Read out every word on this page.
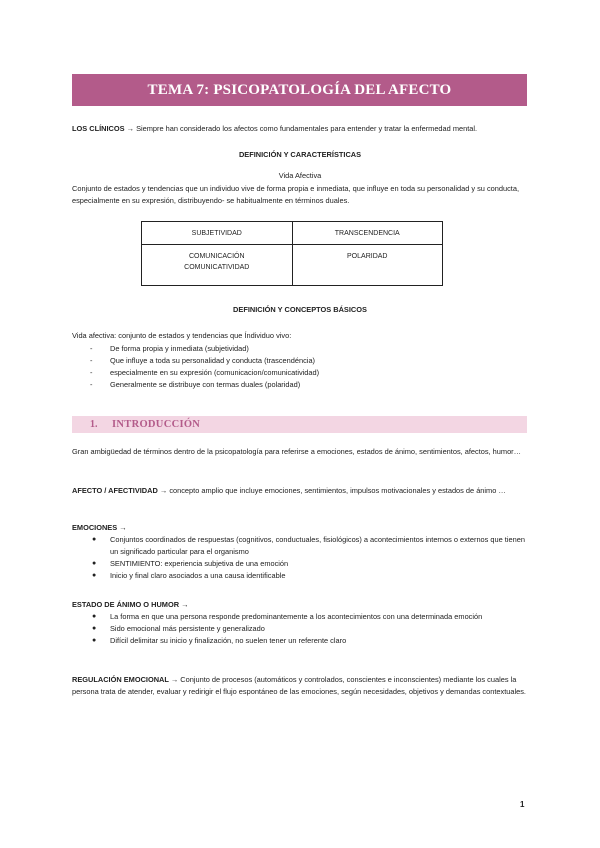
TEMA 7: PSICOPATOLOGÍA DEL AFECTO
LOS CLÍNICOS → Siempre han considerado los afectos como fundamentales para entender y tratar la enfermedad mental.
DEFINICIÓN Y CARACTERÍSTICAS
Vida Afectiva
Conjunto de estados y tendencias que un individuo vive de forma propia e inmediata, que influye en toda su personalidad y su conducta, especialmente en su expresión, distribuyendo- se habitualmente en términos duales.
SUBJETIVIDAD	TRANSCENDENCIA
COMUNICACIÓN
COMUNICATIVIDAD	POLARIDAD
DEFINICIÓN Y CONCEPTOS BÁSICOS
Vida afectiva: conjunto de estados y tendencias que Índividuo vivo:
- De forma propia y inmediata (subjetividad)
- Que influye a toda su personalidad y conducta (trascendéncia)
- especialmente en su expresión (comunicacion/comunicatividad)
- Generalmente se distribuye con termas duales (polaridad)
1.	INTRODUCCIÓN
Gran ambigüedad de términos dentro de la psicopatología para referirse a emociones, estados de ánimo, sentimientos, afectos, humor…
AFECTO / AFECTIVIDAD → concepto amplio que incluye emociones, sentimientos, impulsos motivacionales y estados de ánimo …
EMOCIONES →
● Conjuntos coordinados de respuestas (cognitivos, conductuales, fisiológicos) a acontecimientos internos o externos que tienen un significado particular para el organismo
● SENTIMIENTO: experiencia subjetiva de una emoción
● Inicio y final claro asociados a una causa identificable
ESTADO DE ÁNIMO O HUMOR →
● La forma en que una persona responde predominantemente a los acontecimientos con una determinada emoción
● Sido emocional más persistente y generalizado
● Difícil delimitar su inicio y finalización, no suelen tener un referente claro
REGULACIÓN EMOCIONAL → Conjunto de procesos (automáticos y controlados, conscientes e inconscientes) mediante los cuales la persona trata de atender, evaluar y redirigir el flujo espontáneo de las emociones, según necesidades, objetivos y demandas contextuales.
1
